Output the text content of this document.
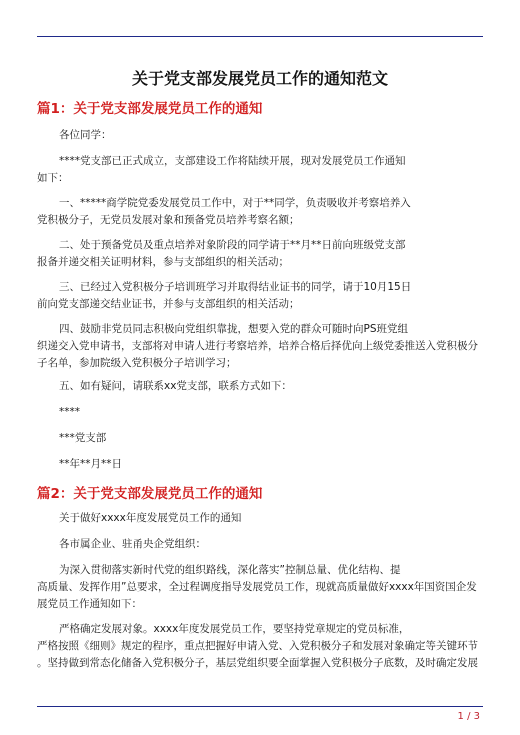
关于党支部发展党员工作的通知范文
篇1：关于党支部发展党员工作的通知
各位同学：
****党支部已正式成立，支部建设工作将陆续开展，现对发展党员工作通知
如下：
一、*****商学院党委发展党员工作中，对于**同学，负责吸收并考察培养入
党积极分子，无党员发展对象和预备党员培养考察名额；
二、处于预备党员及重点培养对象阶段的同学请于**月**日前向班级党支部
报备并递交相关证明材料，参与支部组织的相关活动；
三、已经过入党积极分子培训班学习并取得结业证书的同学，请于10月15日
前向党支部递交结业证书，并参与支部组织的相关活动；
四、鼓励非党员同志积极向党组织靠拢，想要入党的群众可随时向PS班党组
织递交入党申请书，支部将对申请人进行考察培养，培养合格后择优向上级党委推送入党积极分
子名单，参加院级入党积极分子培训学习；
五、如有疑问，请联系xx党支部，联系方式如下：
****
***党支部
**年**月**日
篇2：关于党支部发展党员工作的通知
关于做好xxxx年度发展党员工作的通知
各市属企业、驻甬央企党组织：
为深入贯彻落实新时代党的组织路线，深化落实”控制总量、优化结构、提
高质量、发挥作用”总要求，全过程调度指导发展党员工作，现就高质量做好xxxx年国资国企发
展党员工作通知如下：
严格确定发展对象。xxxx年度发展党员工作，要坚持党章规定的党员标准，
严格按照《细则》规定的程序，重点把握好申请入党、入党积极分子和发展对象确定等关键环节
。坚持做到常态化储备入党积极分子，基层党组织要全面掌握入党积极分子底数，及时确定发展
1 / 3
